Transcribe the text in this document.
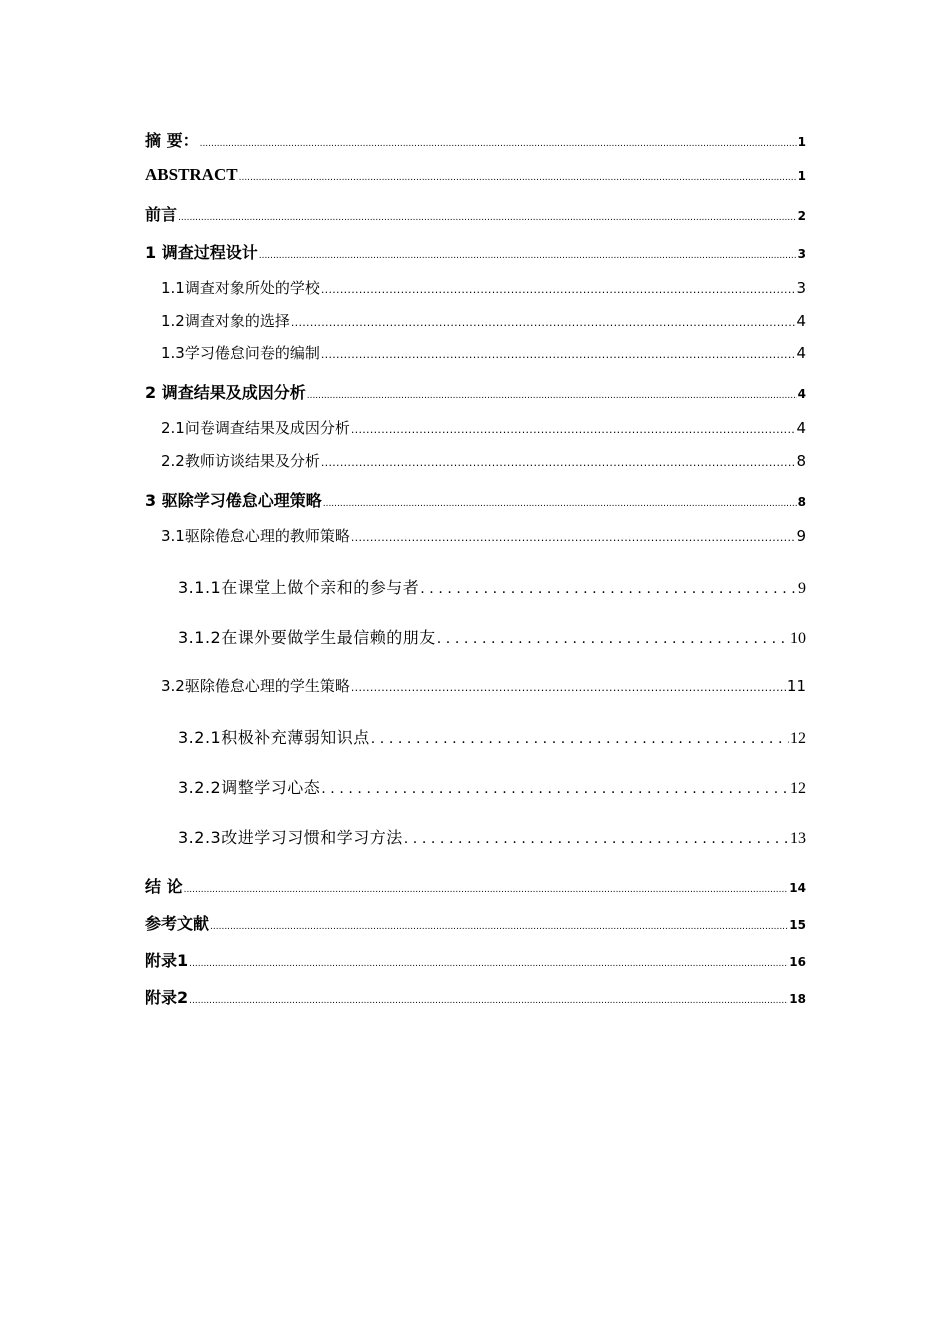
摘 要： .....	1
ABSTRACT .....	1
前言 .....	2
1 调查过程设计 .....	3
1.1调查对象所处的学校 .....	3
1.2调查对象的选择 .....	4
1.3学习倦怠问卷的编制 .....	4
2 调查结果及成因分析 .....	4
2.1问卷调查结果及成因分析 .....	4
2.2教师访谈结果及分析 .....	8
3 驱除学习倦怠心理策略 .....	8
3.1驱除倦怠心理的教师策略 .....	9
3.1.1在课堂上做个亲和的参与者 .....	9
3.1.2在课外要做学生最信赖的朋友 .....	10
3.2驱除倦怠心理的学生策略 .....	11
3.2.1积极补充薄弱知识点 .....	12
3.2.2调整学习心态 .....	12
3.2.3改进学习习惯和学习方法 .....	13
结 论 .....	14
参考文献 .....	15
附录1 .....	16
附录2 .....	18
